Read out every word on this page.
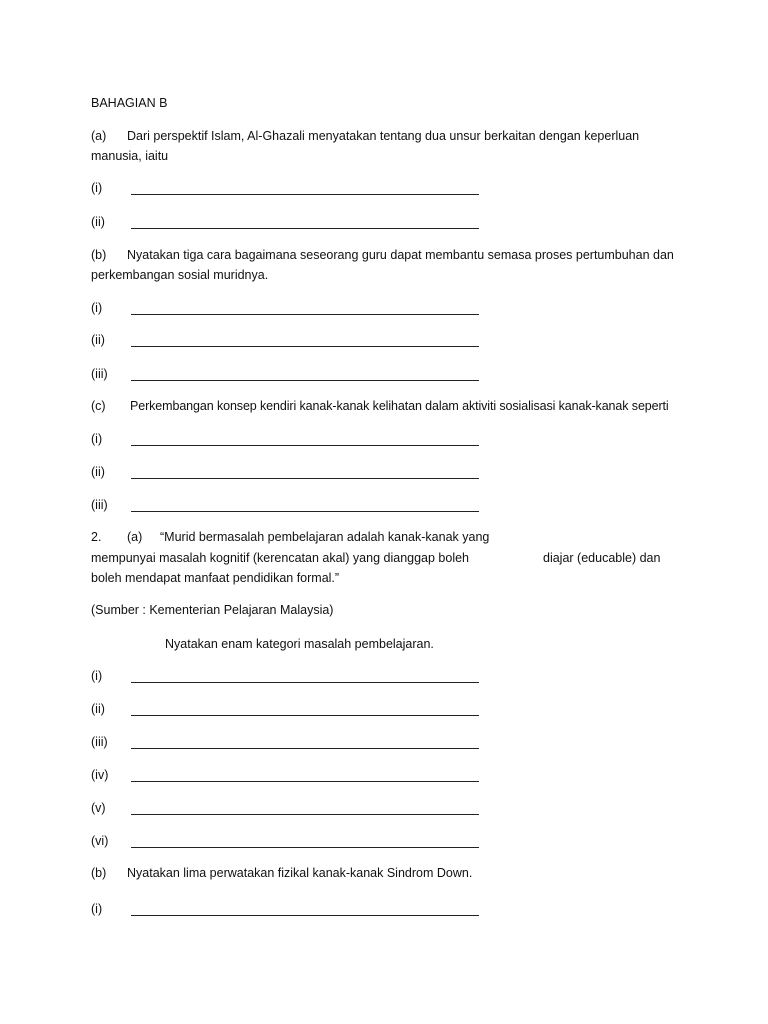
BAHAGIAN B
(a) Dari perspektif Islam, Al-Ghazali menyatakan tentang dua unsur berkaitan dengan keperluan
manusia, iaitu
(i)
(ii)
(b) Nyatakan tiga cara bagaimana seseorang guru dapat membantu semasa proses pertumbuhan dan
perkembangan sosial muridnya.
(i)
(ii)
(iii)
(c) Perkembangan konsep kendiri kanak-kanak kelihatan dalam aktiviti sosialisasi kanak-kanak seperti
(i)
(ii)
(iii)
2. (a) “Murid bermasalah pembelajaran adalah kanak-kanak yang
mempunyai masalah kognitif (kerencatan akal) yang dianggap boleh	diajar (educable) dan
boleh mendapat manfaat pendidikan formal.”
(Sumber : Kementerian Pelajaran Malaysia)
Nyatakan enam kategori masalah pembelajaran.
(i)
(ii)
(iii)
(iv)
(v)
(vi)
(b) Nyatakan lima perwatakan fizikal kanak-kanak Sindrom Down.
(i)
